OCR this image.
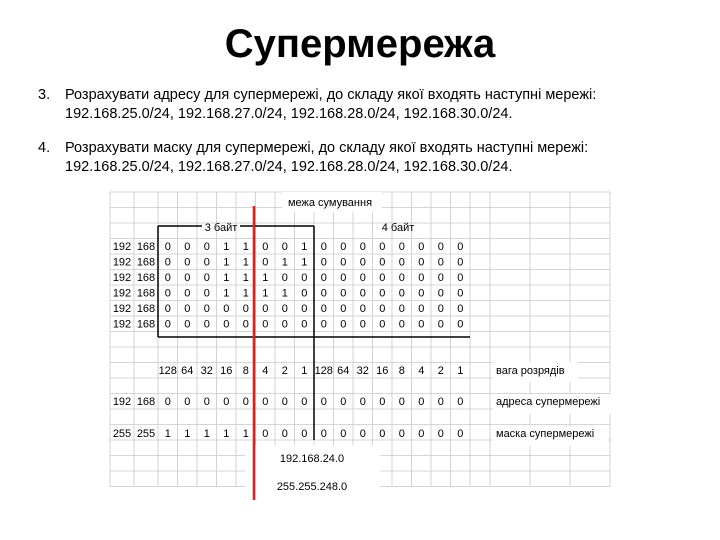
Супермережа
3. Розрахувати адресу для супермережі, до складу якої входять наступні мережі:
192.168.25.0/24, 192.168.27.0/24, 192.168.28.0/24, 192.168.30.0/24.
4. Розрахувати маску для супермережі, до складу якої входять наступні мережі:
192.168.25.0/24, 192.168.27.0/24, 192.168.28.0/24, 192.168.30.0/24.
3 байт	4 байт
192 168 0 0 0 1 1 0 0 1 0 0 0 0 0 0 0 0
192 168 0 0 0 1 1 0 1 1 0 0 0 0 0 0 0 0
192 168 0 0 0 1 1 1 0 0 0 0 0 0 0 0 0 0
192 168 0 0 0 1 1 1 1 0 0 0 0 0 0 0 0 0
192 168 0 0 0 0 0 0 0 0 0 0 0 0 0 0 0 0
192 168 0 0 0 0 0 0 0 0 0 0 0 0 0 0 0 0
128 64 32 16 8 4 2 1 128 64 32 16 8 4 2 1	вага розрядів
192 168 0 0 0 0 0 0 0 0 0 0 0 0 0 0 0 0	адреса супермережі
255 255 1 1 1 1 1 0 0 0 0 0 0 0 0 0 0 0	маска супермережі
192.168.24.0
255.255.248.0
межа сумування
